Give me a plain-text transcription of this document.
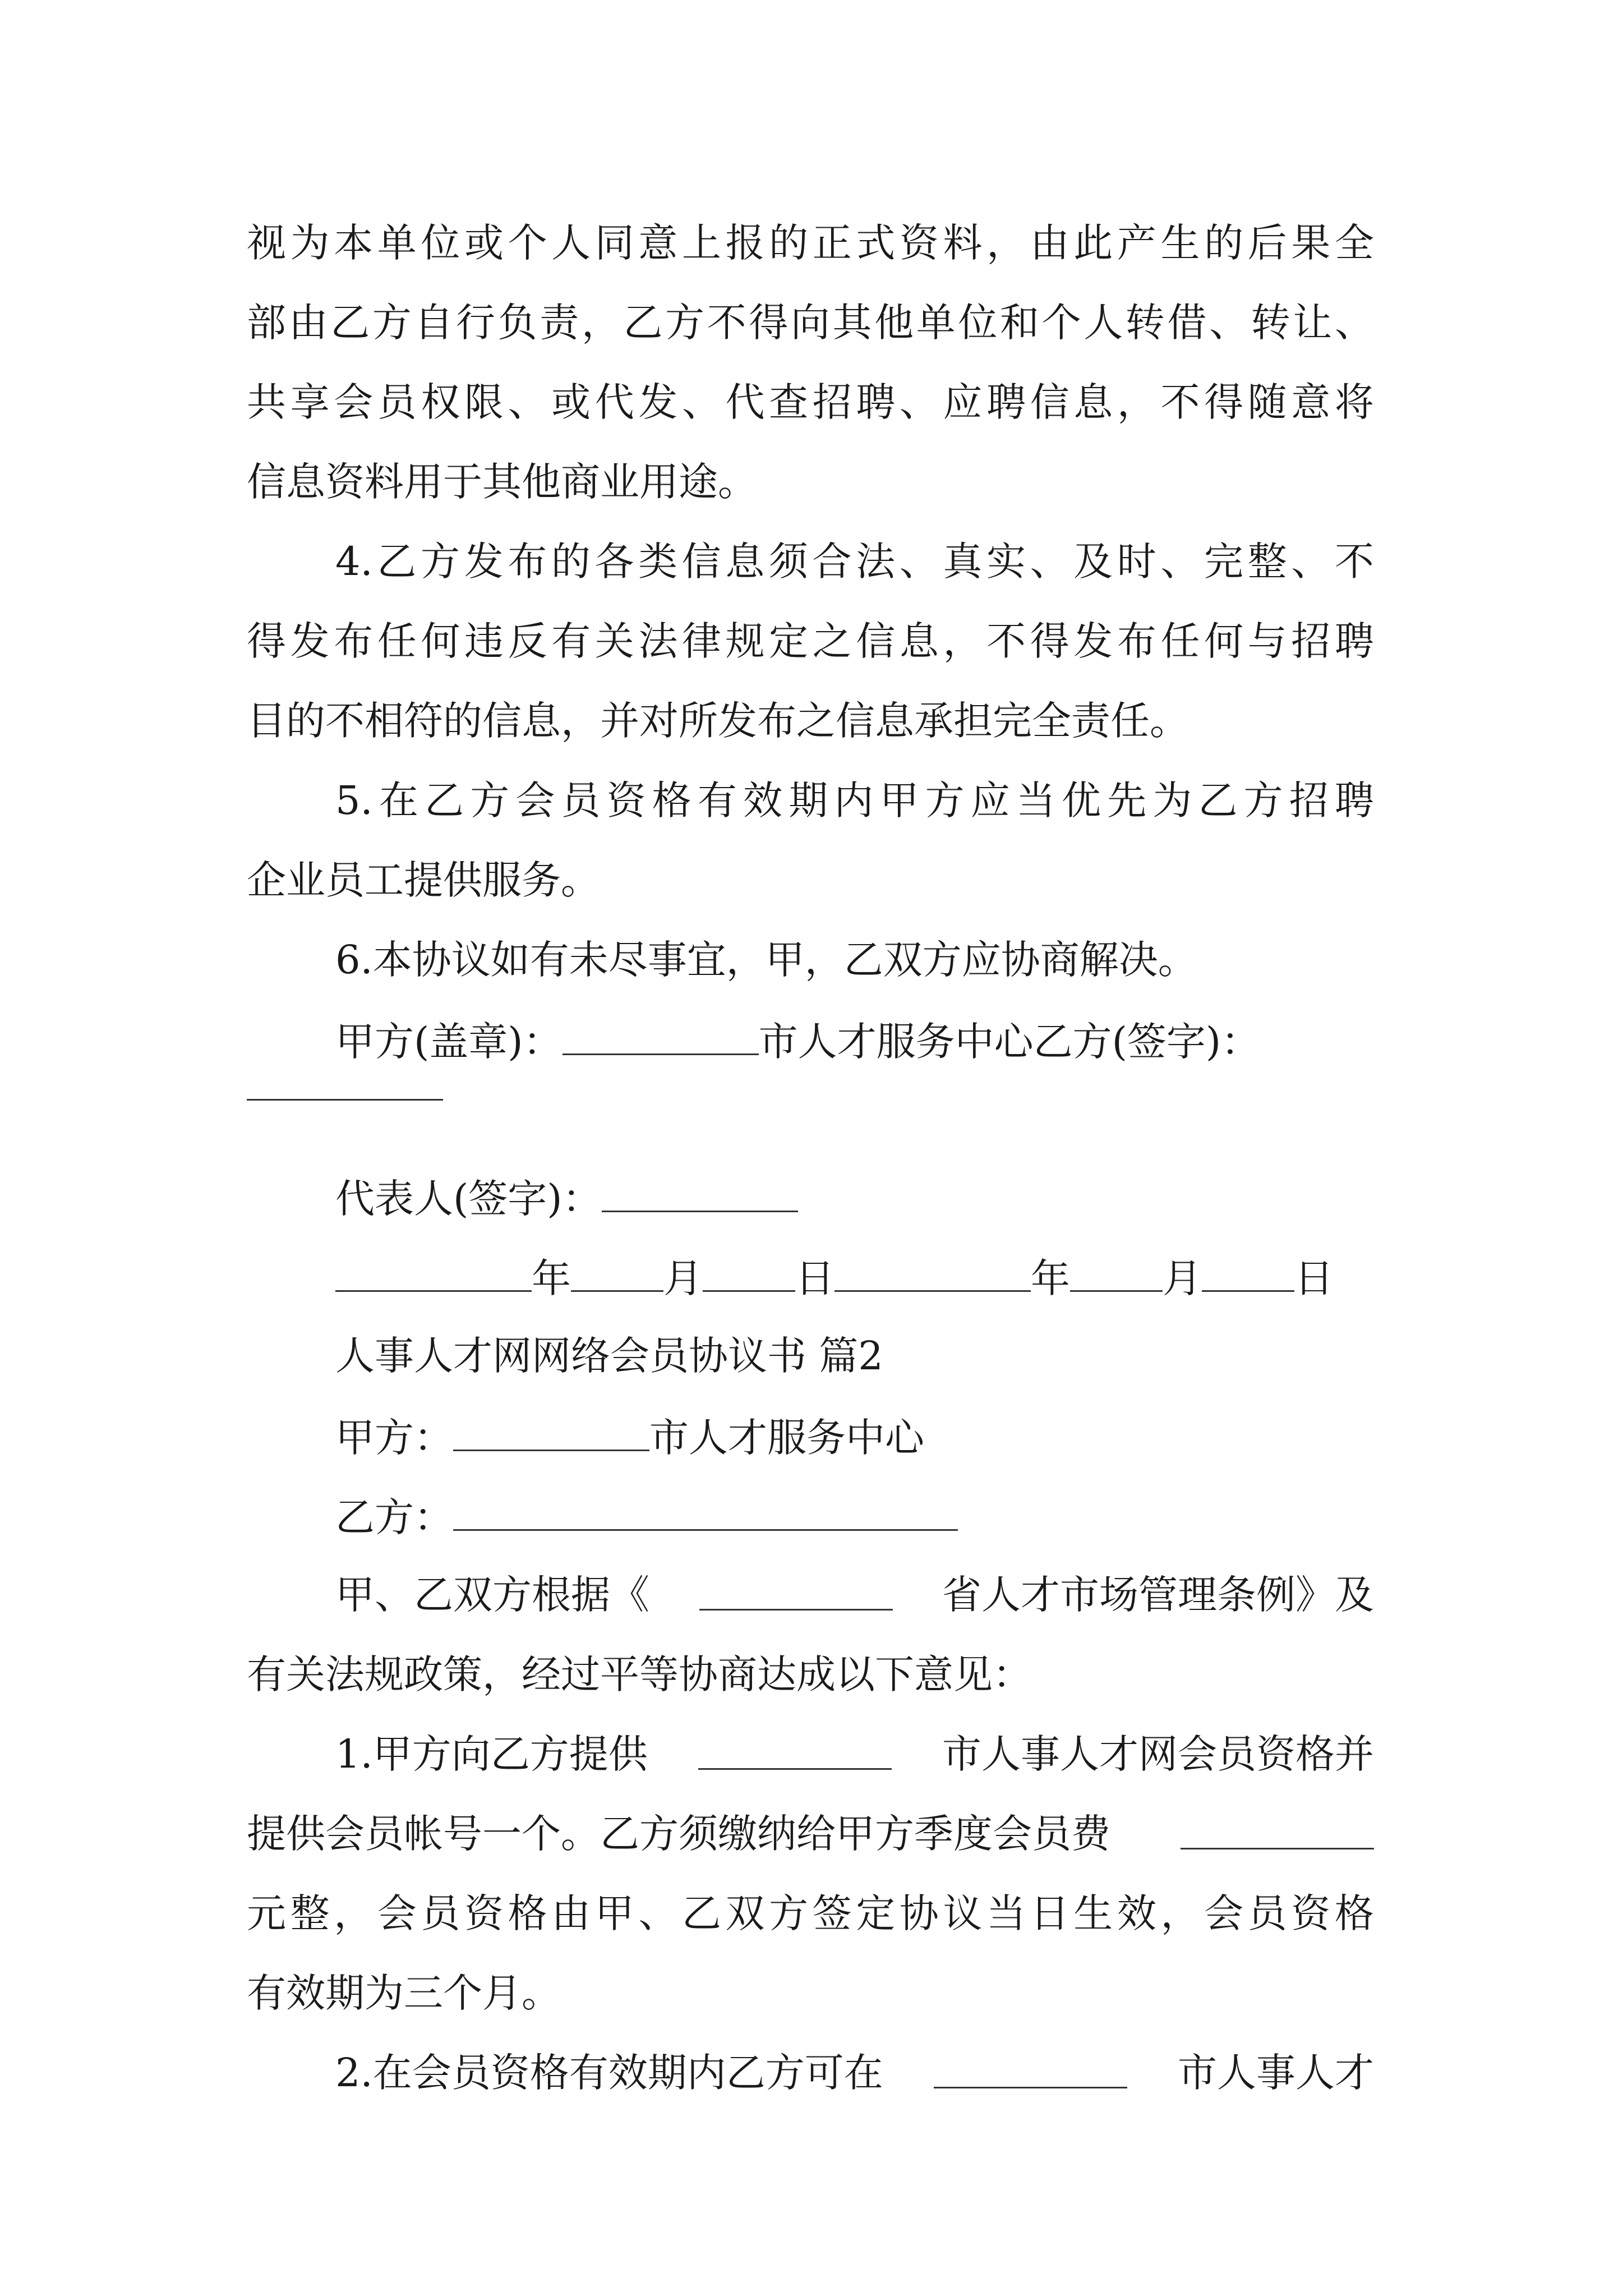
视 为 本 单 位 或 个 人 同 意 上 报 的 正 式 资 料 ， 由 此 产 生 的 后 果 全
部 由 乙 方 自 行 负 责 ， 乙 方 不 得 向 其 他 单 位 和 个 人 转 借 、 转 让 、
共 享 会 员 权 限 、 或 代 发 、 代 查 招 聘 、 应 聘 信 息 ， 不 得 随 意 将
信息资料用于其他商业用途。
4. 乙 方 发 布 的 各 类 信 息 须 合 法 、 真 实 、 及 时 、 完 整 、 不
得 发 布 任 何 违 反 有 关 法 律 规 定 之 信 息 ， 不 得 发 布 任 何 与 招 聘
目的不相符的信息，并对所发布之信息承担完全责任。
5. 在 乙 方 会 员 资 格 有 效 期 内 甲 方 应 当 优 先 为 乙 方 招 聘
企业员工提供服务。
6.本协议如有未尽事宜，甲，乙双方应协商解决。
甲方(盖章)：	市人才服务中心乙方(签字)：
代表人(签字)：
年 月 日	年 月 日
人事人才网网络会员协议书 篇2
甲方：	市人才服务中心
乙方：
甲、乙双方根据《	省人才市场管理条例》及
有关法规政策，经过平等协商达成以下意见：
1.甲方向乙方提供	市人事人才网会员资格并
提供会员帐号一个。乙方须缴纳给甲方季度会员费
元 整 ， 会 员 资 格 由 甲 、 乙 双 方 签 定 协 议 当 日 生 效 ， 会 员 资 格
有效期为三个月。
2.在会员资格有效期内乙方可在	市人事人才
